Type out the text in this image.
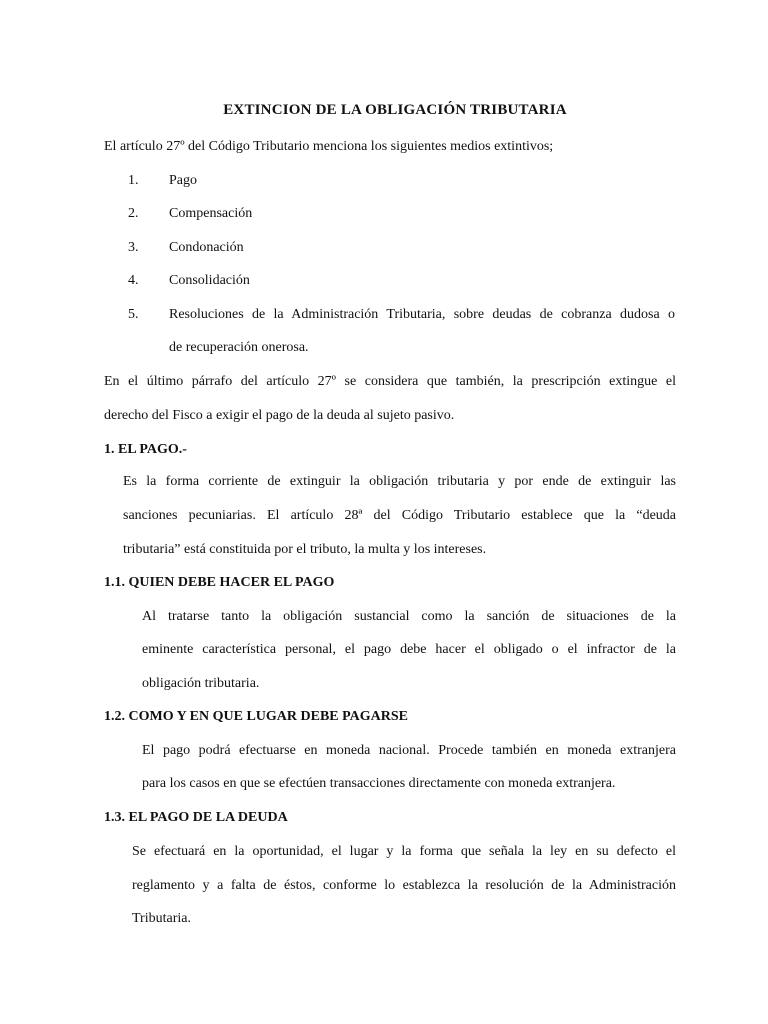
EXTINCION DE LA OBLIGACIÓN TRIBUTARIA
El artículo 27º del Código Tributario menciona los siguientes medios extintivos;
1.	Pago
2.	Compensación
3.	Condonación
4.	Consolidación
5.	Resoluciones de la Administración Tributaria, sobre deudas de cobranza dudosa o
de recuperación onerosa.
En el último párrafo del artículo 27º se considera que también, la prescripción extingue el
derecho del Fisco a exigir el pago de la deuda al sujeto pasivo.
1. EL PAGO.-
Es la forma corriente de extinguir la obligación tributaria y por ende de extinguir las
sanciones pecuniarias. El artículo 28ª del Código Tributario establece que la “deuda
tributaria” está constituida por el tributo, la multa y los intereses.
1.1. QUIEN DEBE HACER EL PAGO
Al tratarse tanto la obligación sustancial como la sanción de situaciones de la
eminente característica personal, el pago debe hacer el obligado o el infractor de la
obligación tributaria.
1.2. COMO Y EN QUE LUGAR DEBE PAGARSE
El pago podrá efectuarse en moneda nacional. Procede también en moneda extranjera
para los casos en que se efectúen transacciones directamente con moneda extranjera.
1.3. EL PAGO DE LA DEUDA
Se efectuará en la oportunidad, el lugar y la forma que señala la ley en su defecto el
reglamento y a falta de éstos, conforme lo establezca la resolución de la Administración
Tributaria.
